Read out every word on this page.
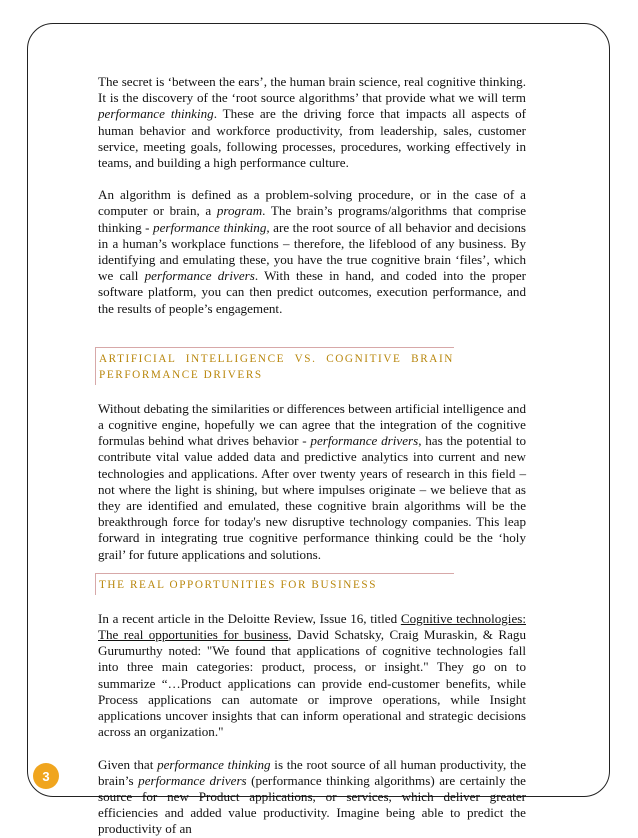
The secret is ‘between the ears’, the human brain science, real cognitive thinking. It is the discovery of the ‘root source algorithms’ that provide what we will term performance thinking. These are the driving force that impacts all aspects of human behavior and workforce productivity, from leadership, sales, customer service, meeting goals, following processes, procedures, working effectively in teams, and building a high performance culture.

An algorithm is defined as a problem-solving procedure, or in the case of a computer or brain, a program. The brain’s programs/algorithms that comprise thinking - performance thinking, are the root source of all behavior and decisions in a human’s workplace functions – therefore, the lifeblood of any business. By identifying and emulating these, you have the true cognitive brain ‘files’, which we call performance drivers. With these in hand, and coded into the proper software platform, you can then predict outcomes, execution performance, and the results of people’s engagement.

ARTIFICIAL INTELLIGENCE VS. COGNITIVE BRAIN PERFORMANCE DRIVERS

Without debating the similarities or differences between artificial intelligence and a cognitive engine, hopefully we can agree that the integration of the cognitive formulas behind what drives behavior - performance drivers, has the potential to contribute vital value added data and predictive analytics into current and new technologies and applications. After over twenty years of research in this field – not where the light is shining, but where impulses originate – we believe that as they are identified and emulated, these cognitive brain algorithms will be the breakthrough force for today's new disruptive technology companies. This leap forward in integrating true cognitive performance thinking could be the ‘holy grail’ for future applications and solutions.

THE REAL OPPORTUNITIES FOR BUSINESS

In a recent article in the Deloitte Review, Issue 16, titled Cognitive technologies: The real opportunities for business, David Schatsky, Craig Muraskin, & Ragu Gurumurthy noted: "We found that applications of cognitive technologies fall into three main categories: product, process, or insight." They go on to summarize “…Product applications can provide end-customer benefits, while Process applications can automate or improve operations, while Insight applications uncover insights that can inform operational and strategic decisions across an organization."

Given that performance thinking is the root source of all human productivity, the brain’s performance drivers (performance thinking algorithms) are certainly the source for new Product applications, or services, which deliver greater efficiencies and added value productivity. Imagine being able to predict the productivity of an

3
